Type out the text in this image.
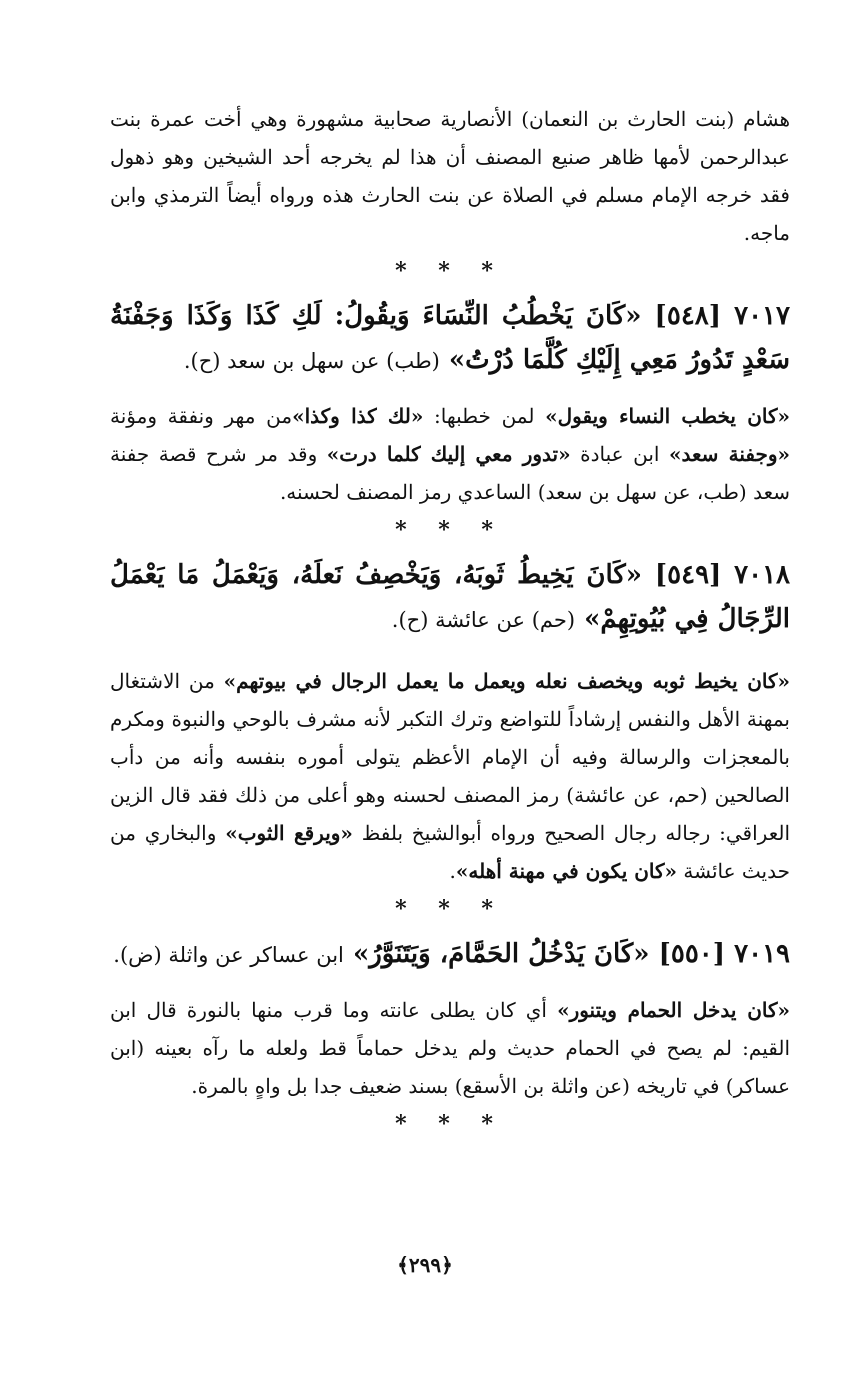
هشام (بنت الحارث بن النعمان) الأنصارية صحابية مشهورة وهي أخت عمرة بنت عبدالرحمن لأمها ظاهر صنيع المصنف أن هذا لم يخرجه أحد الشيخين وهو ذهول فقد خرجه الإمام مسلم في الصلاة عن بنت الحارث هذه ورواه أيضاً الترمذي وابن ماجه.

* * *

٧٠١٧ [٥٤٨] «كَانَ يَخْطُبُ النِّسَاءَ وَيقُولُ: لَكِ كَذَا وَكَذَا وَجَفْنَةُ سَعْدٍ تَدُورُ مَعِي إِلَيْكِ كُلَّمَا دُرْتُ» (طب) عن سهل بن سعد (ح).

«كان يخطب النساء ويقول» لمن خطبها: «لك كذا وكذا»من مهر ونفقة ومؤنة «وجفنة سعد» ابن عبادة «تدور معي إليك كلما درت» وقد مر شرح قصة جفنة سعد (طب، عن سهل بن سعد) الساعدي رمز المصنف لحسنه.

* * *

٧٠١٨ [٥٤٩] «كَانَ يَخِيطُ ثَوبَهُ، وَيَخْصِفُ نَعلَهُ، وَيَعْمَلُ مَا يَعْمَلُ الرِّجَالُ فِي بُيُوتِهِمْ» (حم) عن عائشة (ح).

«كان يخيط ثوبه ويخصف نعله ويعمل ما يعمل الرجال في بيوتهم» من الاشتغال بمهنة الأهل والنفس إرشاداً للتواضع وترك التكبر لأنه مشرف بالوحي والنبوة ومكرم بالمعجزات والرسالة وفيه أن الإمام الأعظم يتولى أموره بنفسه وأنه من دأب الصالحين (حم، عن عائشة) رمز المصنف لحسنه وهو أعلى من ذلك فقد قال الزين العراقي: رجاله رجال الصحيح ورواه أبوالشيخ بلفظ «ويرقع الثوب» والبخاري من حديث عائشة «كان يكون في مهنة أهله».

* * *

٧٠١٩ [٥٥٠] «كَانَ يَدْخُلُ الحَمَّامَ، وَيَتَنَوَّرُ» ابن عساكر عن واثلة (ض).

«كان يدخل الحمام ويتنور» أي كان يطلى عانته وما قرب منها بالنورة قال ابن القيم: لم يصح في الحمام حديث ولم يدخل حماماً قط ولعله ما رآه بعينه (ابن عساكر) في تاريخه (عن واثلة بن الأسقع) بسند ضعيف جدا بل واهٍ بالمرة.

* * *
﴿٢٩٩﴾
